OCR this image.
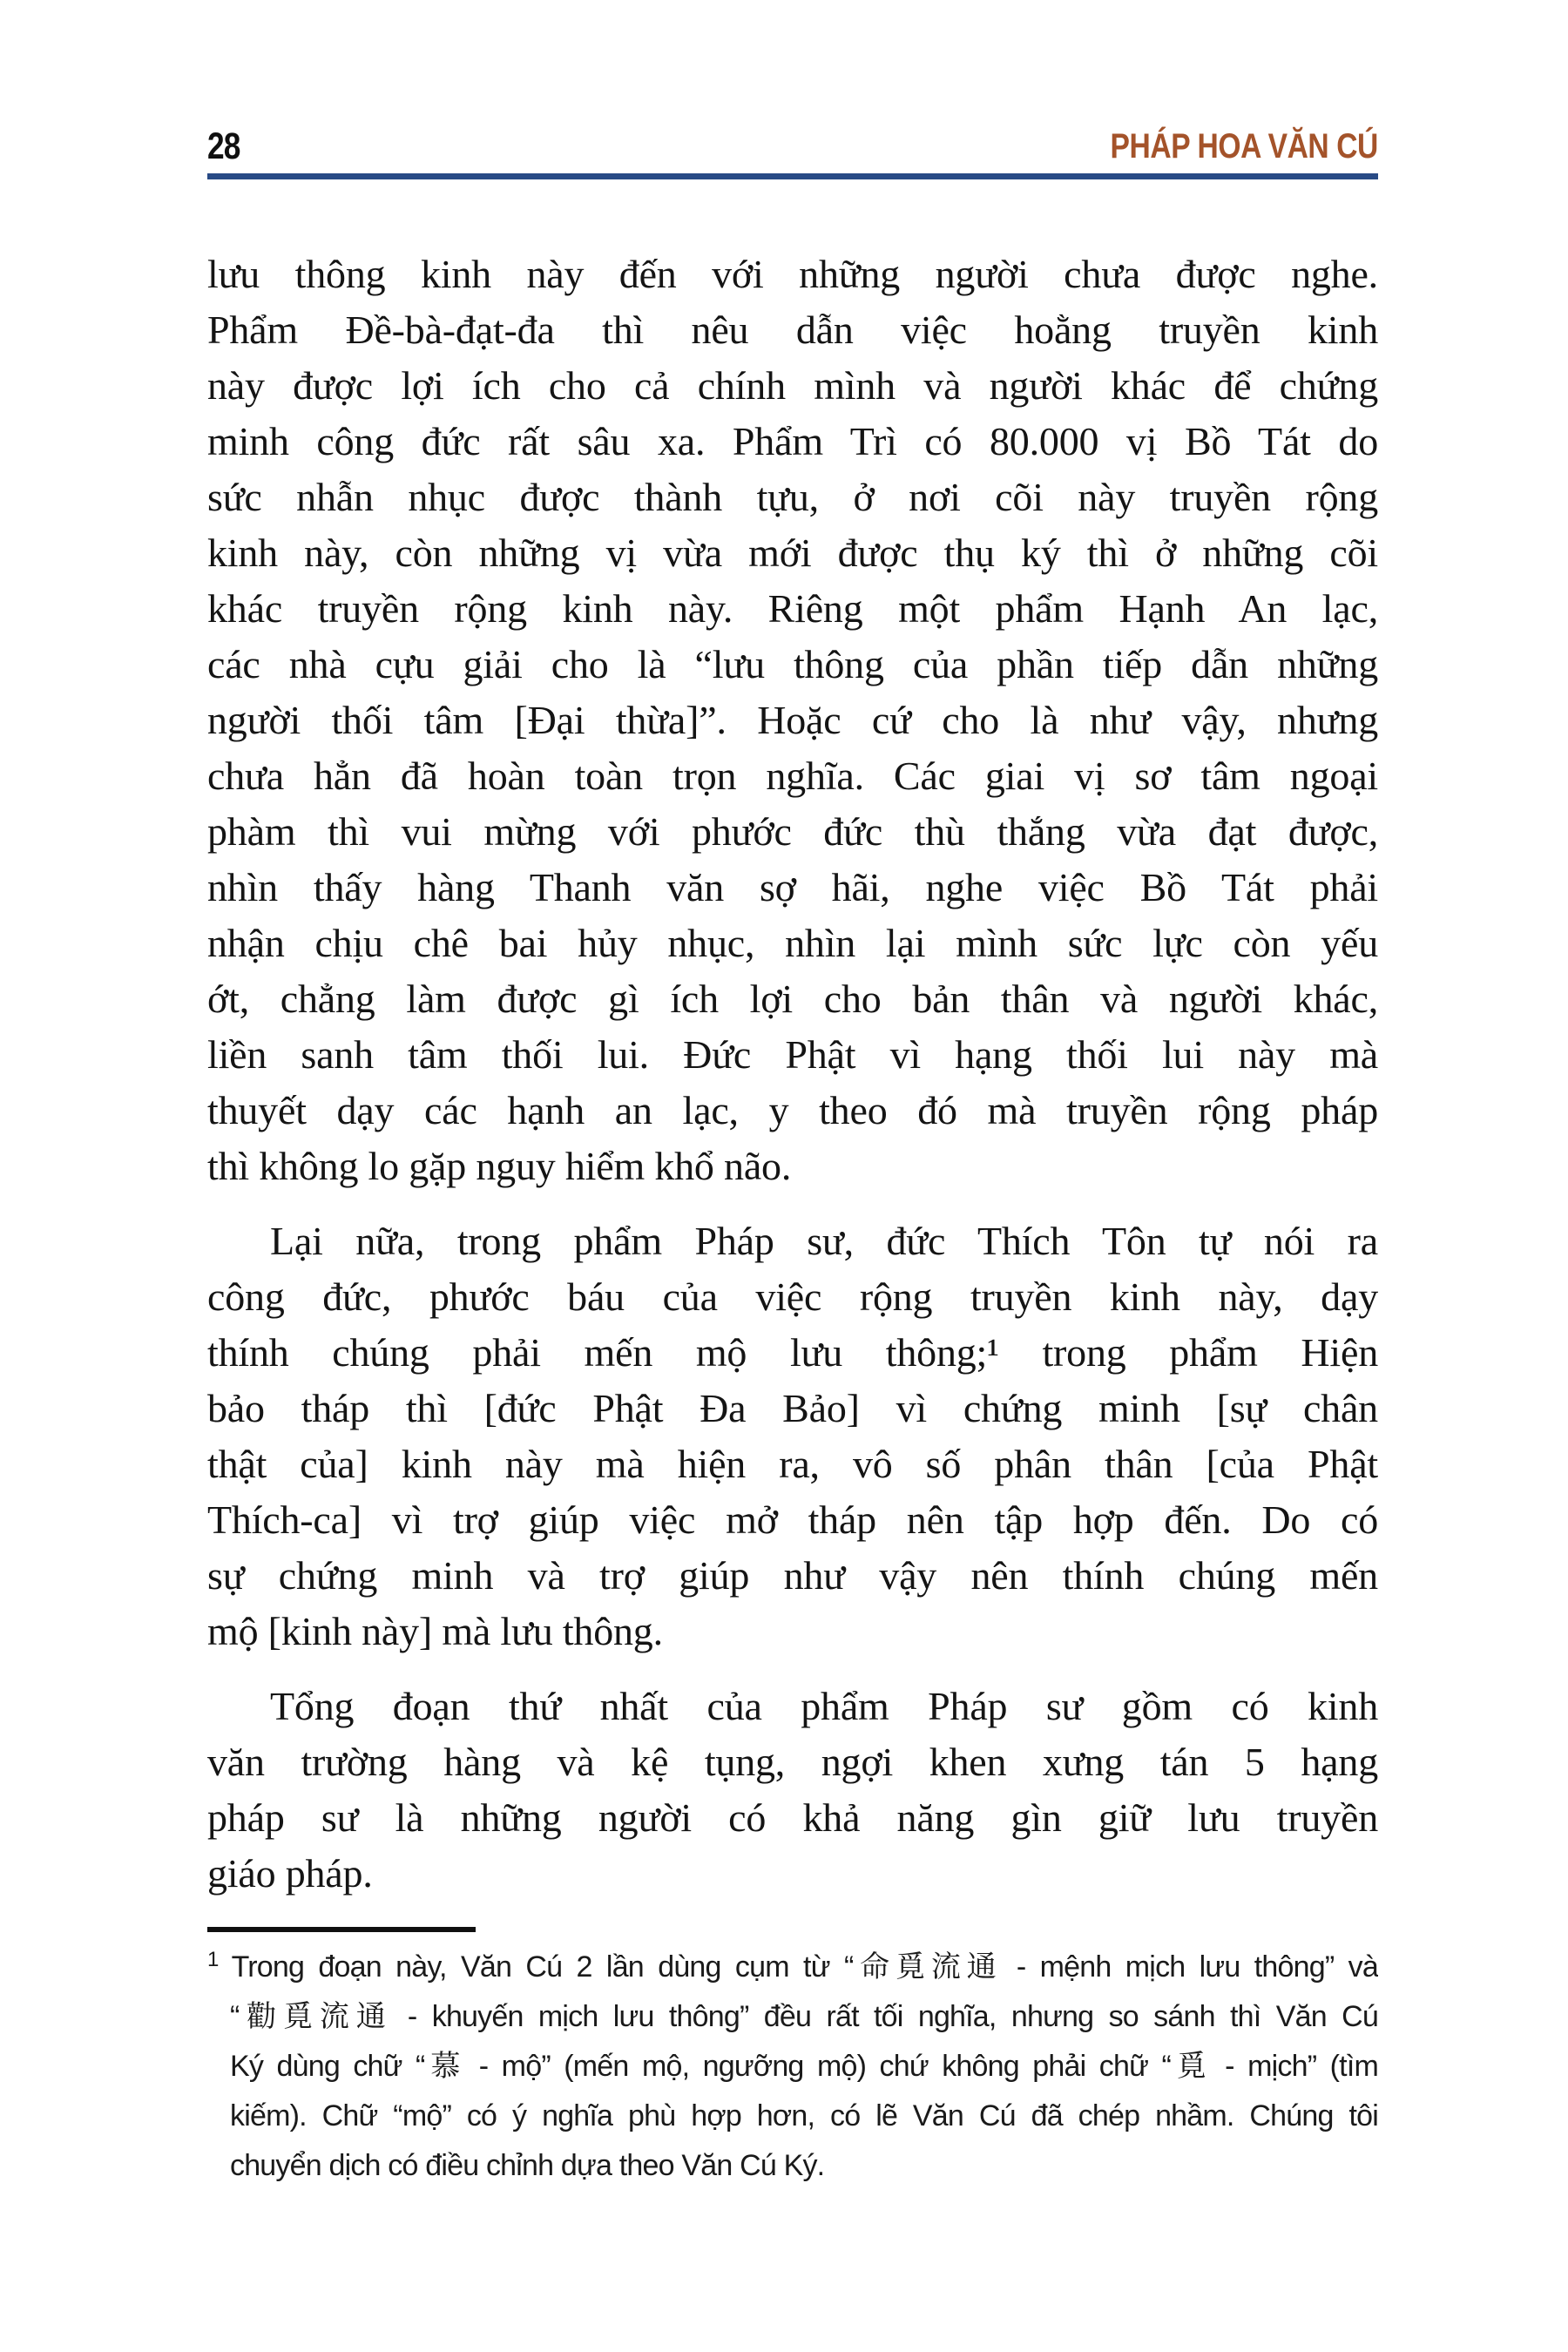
28	PHÁP HOA VĂN CÚ
lưu thông kinh này đến với những người chưa được nghe.
Phẩm Đề-bà-đạt-đa thì nêu dẫn việc hoằng truyền kinh
này được lợi ích cho cả chính mình và người khác để chứng
minh công đức rất sâu xa. Phẩm Trì có 80.000 vị Bồ Tát do
sức nhẫn nhục được thành tựu, ở nơi cõi này truyền rộng
kinh này, còn những vị vừa mới được thụ ký thì ở những cõi
khác truyền rộng kinh này. Riêng một phẩm Hạnh An lạc,
các nhà cựu giải cho là “lưu thông của phần tiếp dẫn những
người thối tâm [Đại thừa]”. Hoặc cứ cho là như vậy, nhưng
chưa hẳn đã hoàn toàn trọn nghĩa. Các giai vị sơ tâm ngoại
phàm thì vui mừng với phước đức thù thắng vừa đạt được,
nhìn thấy hàng Thanh văn sợ hãi, nghe việc Bồ Tát phải
nhận chịu chê bai hủy nhục, nhìn lại mình sức lực còn yếu
ớt, chẳng làm được gì ích lợi cho bản thân và người khác,
liền sanh tâm thối lui. Đức Phật vì hạng thối lui này mà
thuyết dạy các hạnh an lạc, y theo đó mà truyền rộng pháp
thì không lo gặp nguy hiểm khổ não.
Lại nữa, trong phẩm Pháp sư, đức Thích Tôn tự nói ra
công đức, phước báu của việc rộng truyền kinh này, dạy
thính chúng phải mến mộ lưu thông;¹ trong phẩm Hiện
bảo tháp thì [đức Phật Đa Bảo] vì chứng minh [sự chân
thật của] kinh này mà hiện ra, vô số phân thân [của Phật
Thích-ca] vì trợ giúp việc mở tháp nên tập hợp đến. Do có
sự chứng minh và trợ giúp như vậy nên thính chúng mến
mộ [kinh này] mà lưu thông.
Tổng đoạn thứ nhất của phẩm Pháp sư gồm có kinh
văn trường hàng và kệ tụng, ngợi khen xưng tán 5 hạng
pháp sư là những người có khả năng gìn giữ lưu truyền
giáo pháp.
$^1$ Trong đoạn này, Văn Cú 2 lần dùng cụm từ “命覓流通 - mệnh mịch lưu thông” và
“勸覓流通 - khuyến mịch lưu thông” đều rất tối nghĩa, nhưng so sánh thì Văn Cú
Ký dùng chữ “慕 - mộ” (mến mộ, ngưỡng mộ) chứ không phải chữ “覓 - mịch” (tìm
kiếm). Chữ “mộ” có ý nghĩa phù hợp hơn, có lẽ Văn Cú đã chép nhầm. Chúng tôi
chuyển dịch có điều chỉnh dựa theo Văn Cú Ký.
